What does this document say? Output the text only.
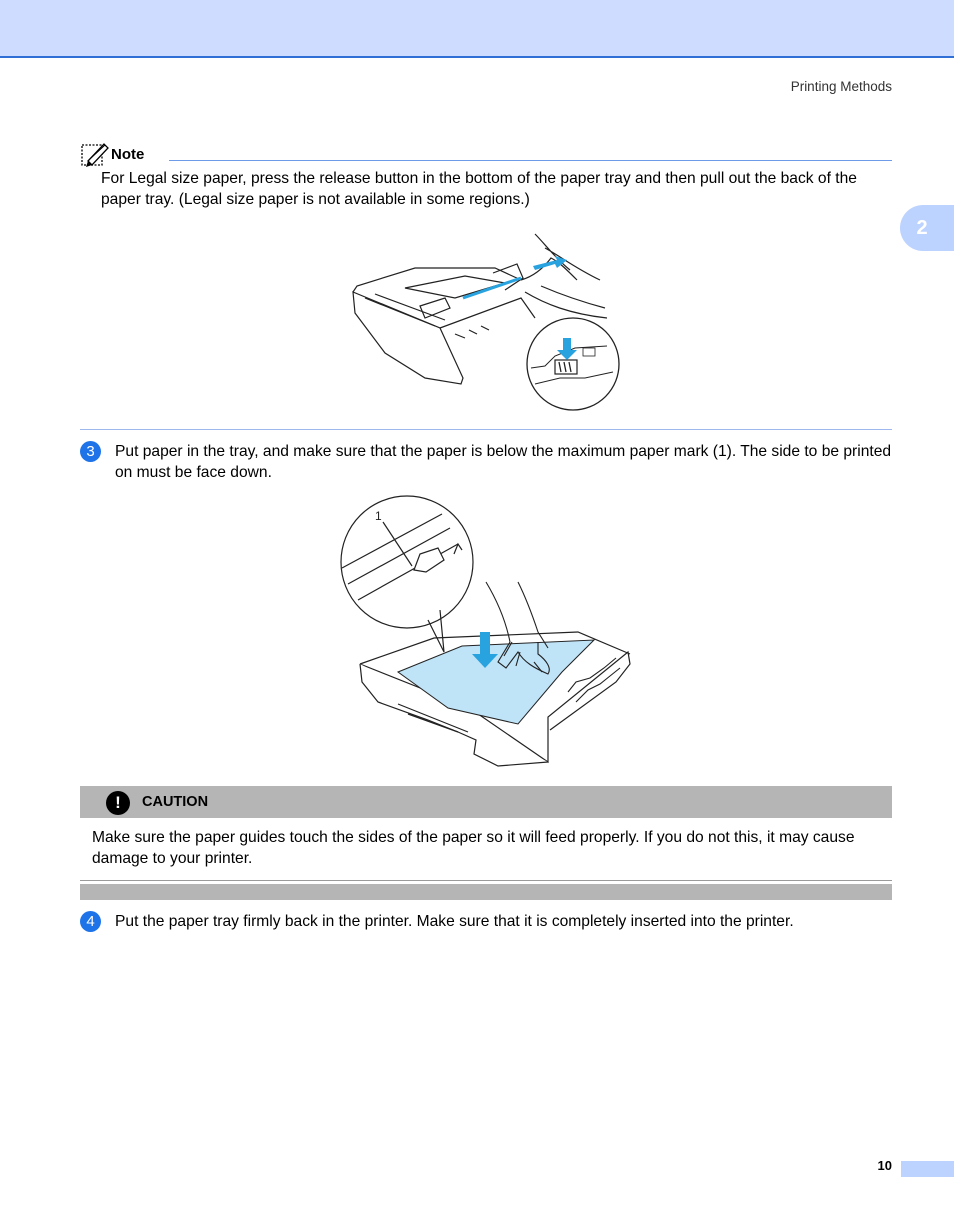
Printing Methods
2
Note
For Legal size paper, press the release button in the bottom of the paper tray and then pull out the back of the paper tray. (Legal size paper is not available in some regions.)
3	Put paper in the tray, and make sure that the paper is below the maximum paper mark (1). The side to be printed on must be face down.
1
!	CAUTION
Make sure the paper guides touch the sides of the paper so it will feed properly. If you do not this, it may cause damage to your printer.
4	Put the paper tray firmly back in the printer. Make sure that it is completely inserted into the printer.
10
